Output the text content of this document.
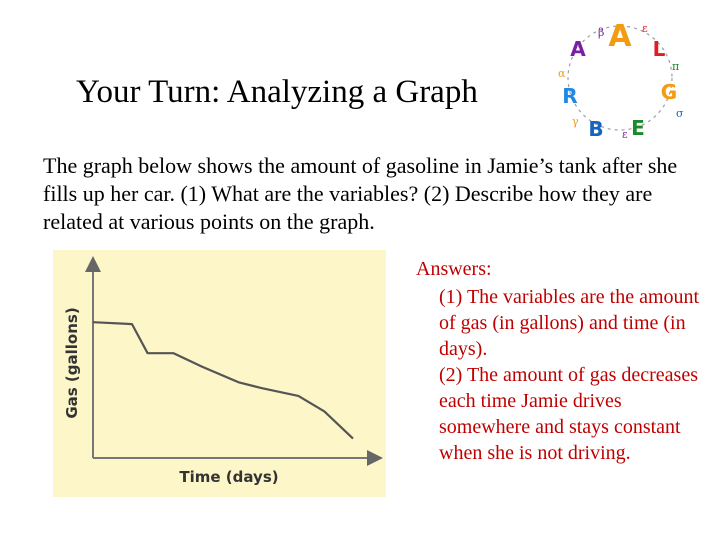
Your Turn: Analyzing a Graph
A L
G
E
B
R
A
β	ε
π
σ
ε
γ
α
The graph below shows the amount of gasoline in Jamie’s tank after she fills up her car. (1) What are the variables? (2) Describe how they are related at various points on the graph.
Time (days)
Gas (gallons)
Answers:

(1) The variables are the amount of gas (in gallons) and time (in days).

(2) The amount of gas decreases each time Jamie drives somewhere and stays constant when she is not driving.
